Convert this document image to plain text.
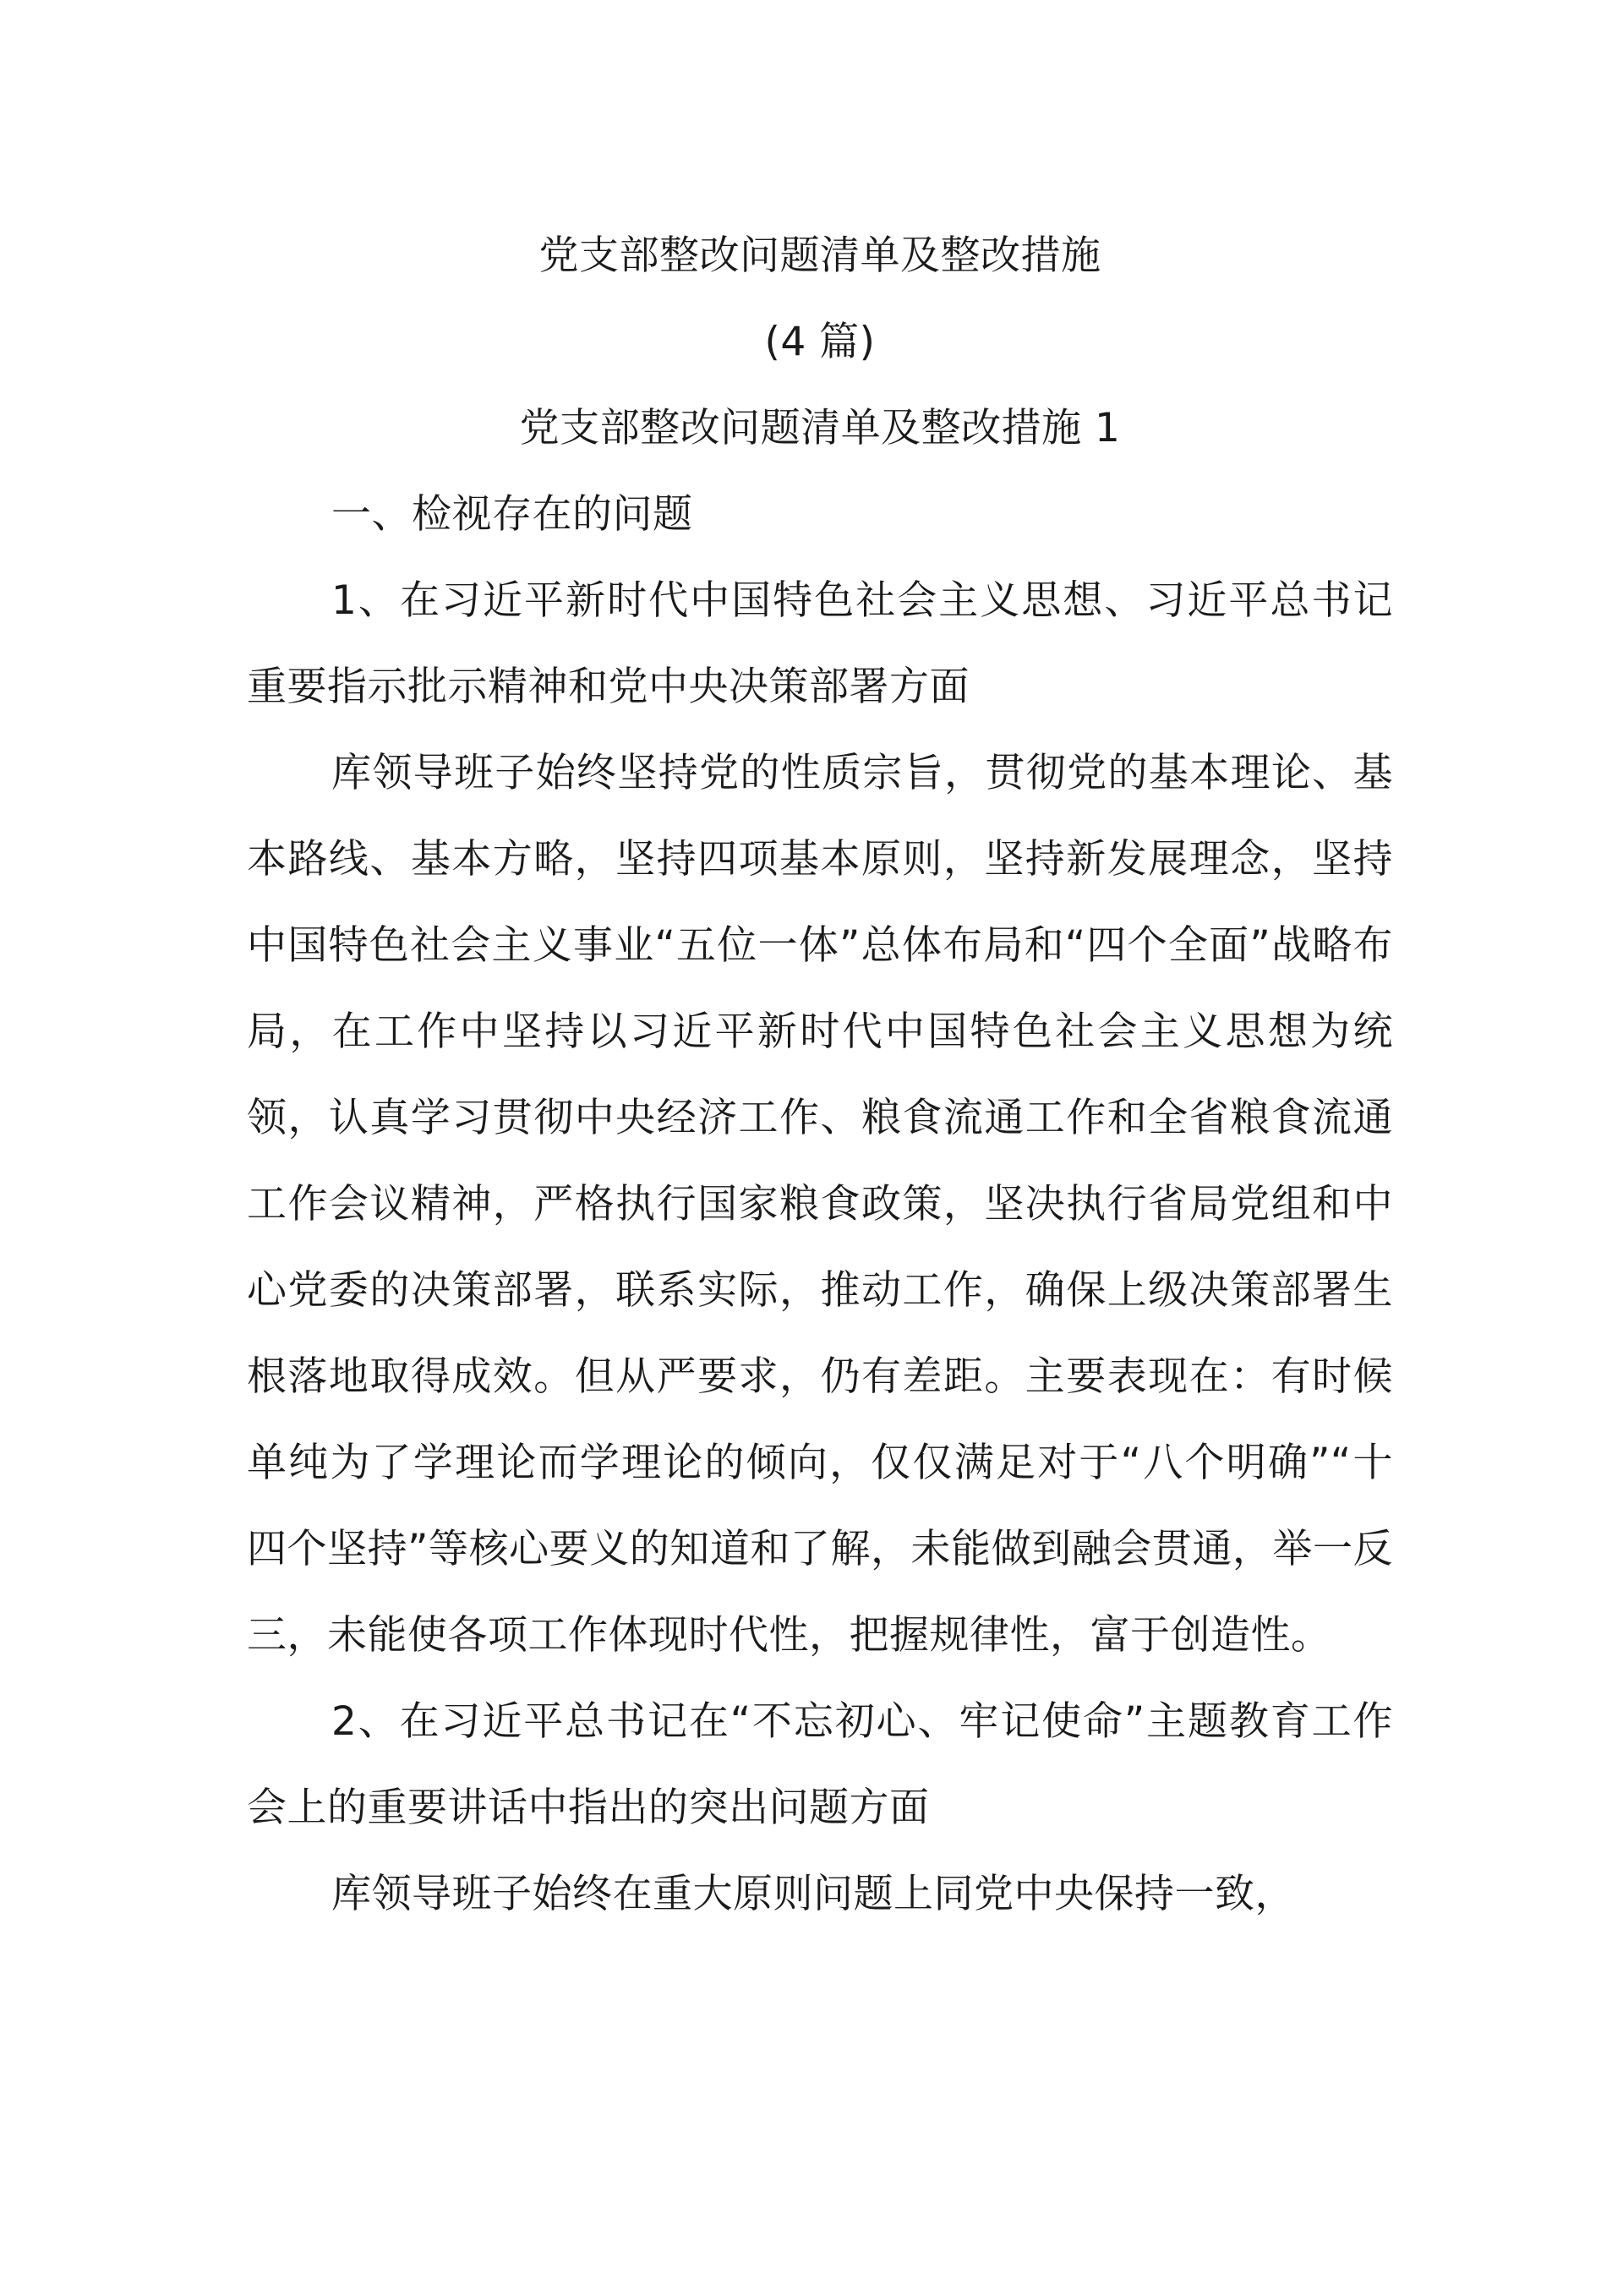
党支部整改问题清单及整改措施

(4 篇)

党支部整改问题清单及整改措施 1

一、检视存在的问题

1、在习近平新时代中国特色社会主义思想、习近平总书记重要指示批示精神和党中央决策部署方面

库领导班子始终坚持党的性质宗旨，贯彻党的基本理论、基本路线、基本方略，坚持四项基本原则，坚持新发展理念，坚持中国特色社会主义事业“五位一体”总体布局和“四个全面”战略布局，在工作中坚持以习近平新时代中国特色社会主义思想为统领，认真学习贯彻中央经济工作、粮食流通工作和全省粮食流通工作会议精神，严格执行国家粮食政策，坚决执行省局党组和中心党委的决策部署，联系实际，推动工作，确保上级决策部署生根落地取得成效。但从严要求，仍有差距。主要表现在：有时候单纯为了学理论而学理论的倾向，仅仅满足对于“八个明确”“十四个坚持”等核心要义的知道和了解，未能做到融会贯通，举一反三，未能使各项工作体现时代性，把握规律性，富于创造性。

2、在习近平总书记在“不忘初心、牢记使命”主题教育工作会上的重要讲话中指出的突出问题方面

库领导班子始终在重大原则问题上同党中央保持一致，
